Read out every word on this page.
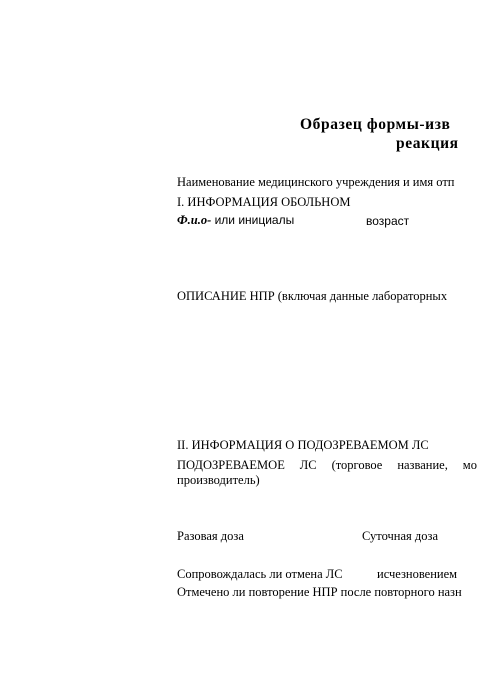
Образец формы-изв
реакция
Наименование медицинского учреждения и имя отп
I. ИНФОРМАЦИЯ ОБОЛЬНОМ
Ф.и.о- или инициалы	возраст
ОПИСАНИЕ НПР (включая данные лабораторных
II. ИНФОРМАЦИЯ О ПОДОЗРЕВАЕМОМ ЛС
ПОДОЗРЕВАЕМОЕ ЛС (торговое название, мо
производитель)
Разовая доза	Суточная доза
Сопровождалась ли отмена ЛС	исчезновением
Отмечено ли повторение НПР после повторного назн
